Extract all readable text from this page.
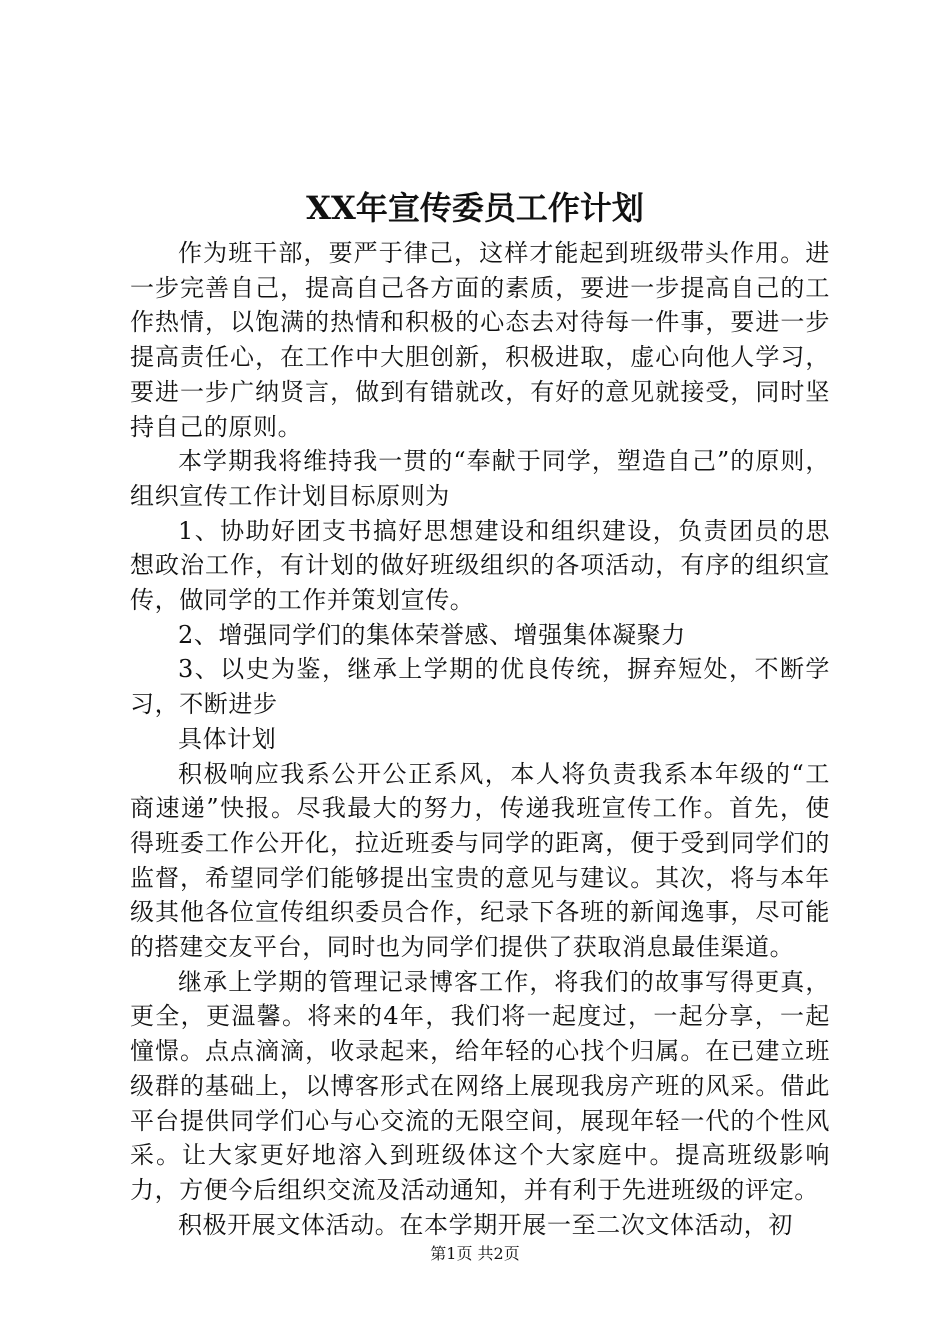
XX年宣传委员工作计划

作为班干部，要严于律己，这样才能起到班级带头作用。进一步完善自己，提高自己各方面的素质，要进一步提高自己的工作热情，以饱满的热情和积极的心态去对待每一件事，要进一步提高责任心，在工作中大胆创新，积极进取，虚心向他人学习，要进一步广纳贤言，做到有错就改，有好的意见就接受，同时坚持自己的原则。

本学期我将维持我一贯的“奉献于同学，塑造自己”的原则，组织宣传工作计划目标原则为

1、协助好团支书搞好思想建设和组织建设，负责团员的思想政治工作，有计划的做好班级组织的各项活动，有序的组织宣传，做同学的工作并策划宣传。

2、增强同学们的集体荣誉感、增强集体凝聚力

3、以史为鉴，继承上学期的优良传统，摒弃短处，不断学习，不断进步

具体计划

积极响应我系公开公正系风，本人将负责我系本年级的“工商速递”快报。尽我最大的努力，传递我班宣传工作。首先，使得班委工作公开化，拉近班委与同学的距离，便于受到同学们的监督，希望同学们能够提出宝贵的意见与建议。其次，将与本年级其他各位宣传组织委员合作，纪录下各班的新闻逸事，尽可能的搭建交友平台，同时也为同学们提供了获取消息最佳渠道。

继承上学期的管理记录博客工作，将我们的故事写得更真，更全，更温馨。将来的4年，我们将一起度过，一起分享，一起憧憬。点点滴滴，收录起来，给年轻的心找个归属。在已建立班级群的基础上，以博客形式在网络上展现我房产班的风采。借此平台提供同学们心与心交流的无限空间，展现年轻一代的个性风采。让大家更好地溶入到班级体这个大家庭中。提高班级影响力，方便今后组织交流及活动通知，并有利于先进班级的评定。

积极开展文体活动。在本学期开展一至二次文体活动，初

第1页 共2页
